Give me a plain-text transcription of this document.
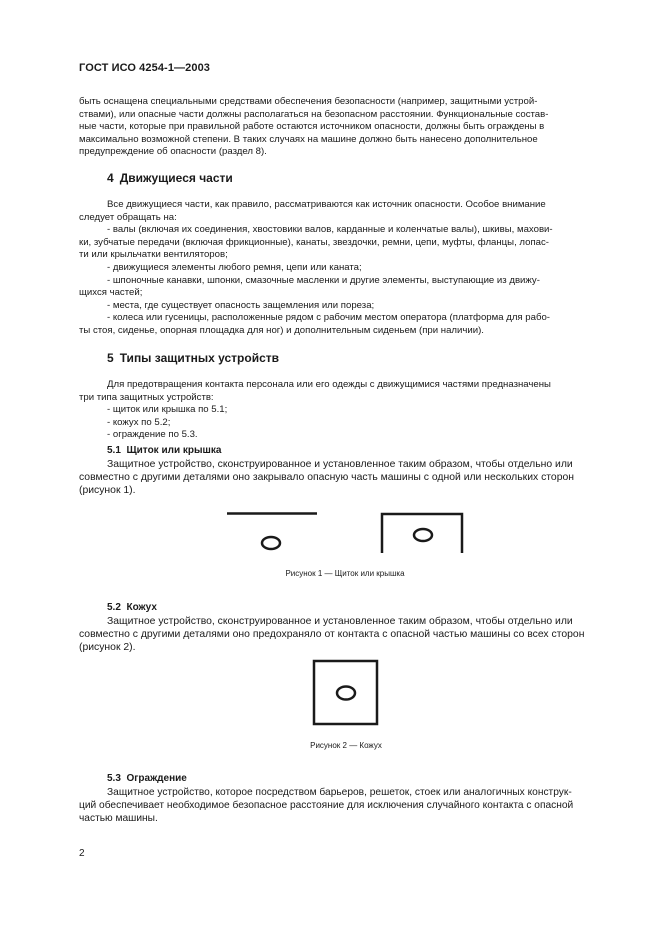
ГОСТ ИСО 4254-1—2003

быть оснащена специальными средствами обеспечения безопасности (например, защитными устрой-

ствами), или опасные части должны располагаться на безопасном расстоянии. Функциональные состав-

ные части, которые при правильной работе остаются источником опасности, должны быть ограждены в

максимально возможной степени. В таких случаях на машине должно быть нанесено дополнительное

предупреждение об опасности (раздел 8).

4 Движущиеся части

Все движущиеся части, как правило, рассматриваются как источник опасности. Особое внимание

следует обращать на:

- валы (включая их соединения, хвостовики валов, карданные и коленчатые валы), шкивы, махови-

ки, зубчатые передачи (включая фрикционные), канаты, звездочки, ремни, цепи, муфты, фланцы, лопас-

ти или крыльчатки вентиляторов;

- движущиеся элементы любого ремня, цепи или каната;

- шпоночные канавки, шпонки, смазочные масленки и другие элементы, выступающие из движу-

щихся частей;

- места, где существует опасность защемления или пореза;

- колеса или гусеницы, расположенные рядом с рабочим местом оператора (платформа для рабо-

ты стоя, сиденье, опорная площадка для ног) и дополнительным сиденьем (при наличии).

5 Типы защитных устройств

Для предотвращения контакта персонала или его одежды с движущимися частями предназначены

три типа защитных устройств:

- щиток или крышка по 5.1;

- кожух по 5.2;

- ограждение по 5.3.

5.1 Щиток или крышка

Защитное устройство, сконструированное и установленное таким образом, чтобы отдельно или

совместно с другими деталями оно закрывало опасную часть машины с одной или нескольких сторон

(рисунок 1).

Рисунок 1 — Щиток или крышка

5.2 Кожух

Защитное устройство, сконструированное и установленное таким образом, чтобы отдельно или

совместно с другими деталями оно предохраняло от контакта с опасной частью машины со всех сторон

(рисунок 2).

Рисунок 2 — Кожух

5.3 Ограждение

Защитное устройство, которое посредством барьеров, решеток, стоек или аналогичных конструк-

ций обеспечивает необходимое безопасное расстояние для исключения случайного контакта с опасной

частью машины.

2
